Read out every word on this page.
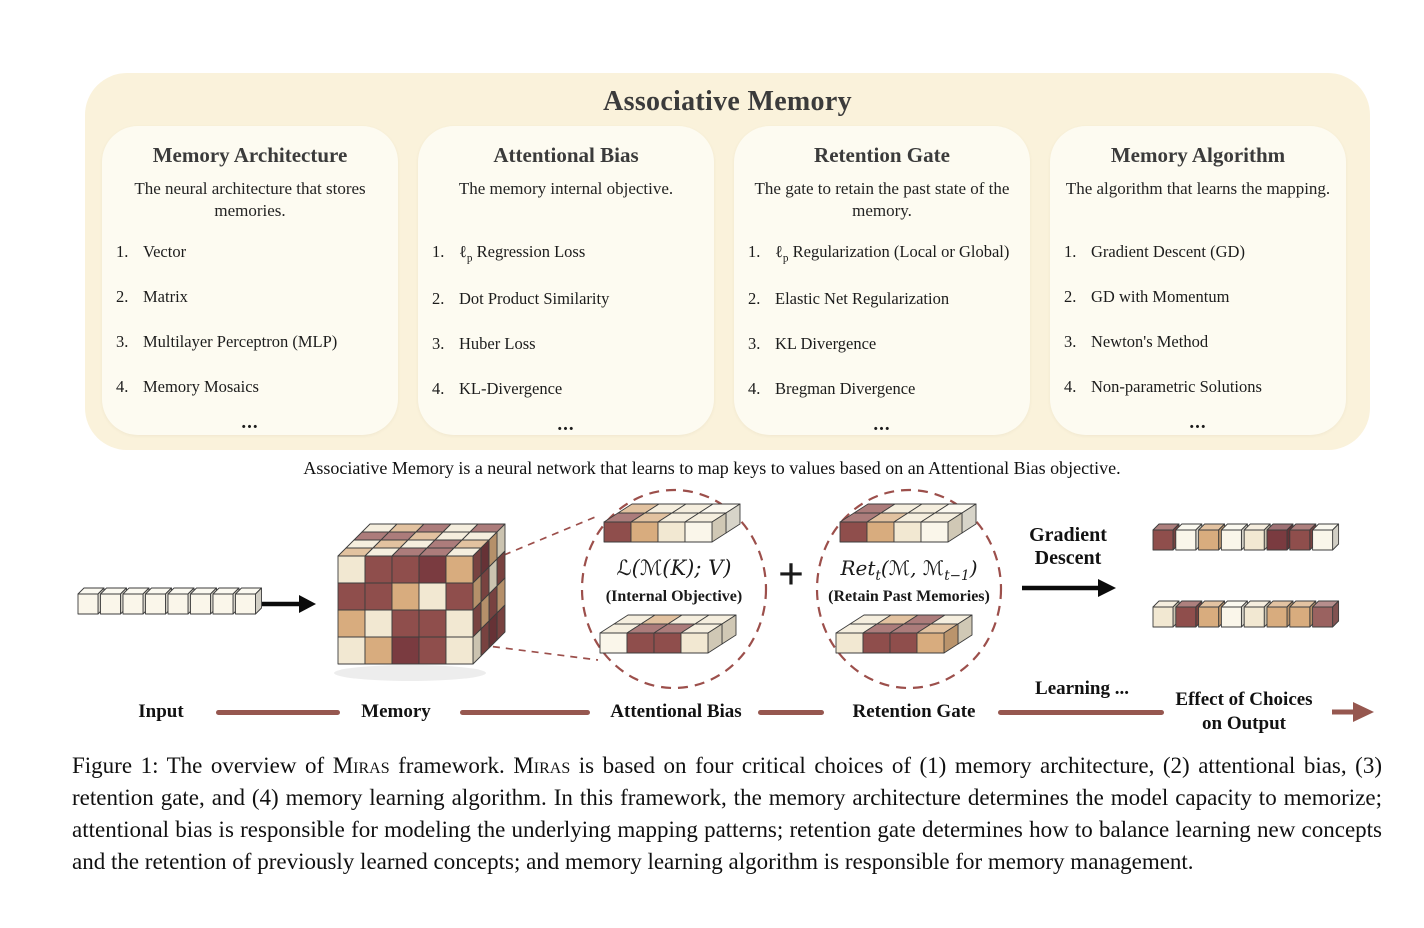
Associative Memory
Memory Architecture

The neural architecture that stores memories.

1. Vector
2. Matrix
3. Multilayer Perceptron (MLP)
4. Memory Mosaics
...
Attentional Bias

The memory internal objective.

1. ℓ$_p$ Regression Loss
2. Dot Product Similarity
3. Huber Loss
4. KL-Divergence
...
Retention Gate

The gate to retain the past state of the memory.

1. ℓ$_p$ Regularization (Local or Global)
2. Elastic Net Regularization
3. KL Divergence
4. Bregman Divergence
...
Memory Algorithm

The algorithm that learns the mapping.

1. Gradient Descent (GD)
2. GD with Momentum
3. Newton's Method
4. Non-parametric Solutions
...

Associative Memory is a neural network that learns to map keys to values based on an Attentional Bias objective.

ℒ(ℳ(K); V)
(Internal Objective) +	Ret$_t$(ℳ, ℳ$_{t-1}$)
(Retain Past Memories)
Gradient
Descent
Input	Memory	Attentional Bias	Retention Gate
Learning ...
Effect of Choices
on Output

Figure 1: The overview of Miras framework. Miras is based on four critical choices of (1) memory architecture, (2) attentional bias, (3) retention gate, and (4) memory learning algorithm. In this framework, the memory architecture determines the model capacity to memorize; attentional bias is responsible for modeling the underlying mapping patterns; retention gate determines how to balance learning new concepts and the retention of previously learned concepts; and memory learning algorithm is responsible for memory management.
